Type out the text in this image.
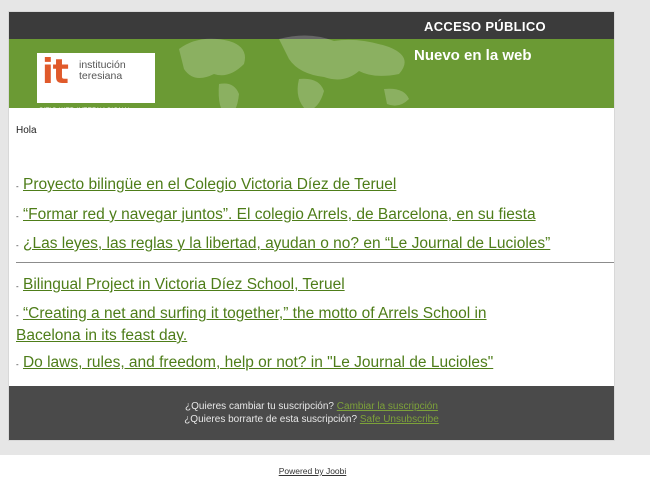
ACCESO PÚBLICO
Nuevo en la web
it institución
teresiana
SITIO WEB INTERNACIONAL
Hola
- Proyecto bilingüe en el Colegio Victoria Díez de Teruel
- “Formar red y navegar juntos”. El colegio Arrels, de Barcelona, en su fiesta
- ¿Las leyes, las reglas y la libertad, ayudan o no? en “Le Journal de Lucioles”
- Bilingual Project in Victoria Díez School, Teruel
- “Creating a net and surfing it together,” the motto of Arrels School in
Bacelona in its feast day.
- Do laws, rules, and freedom, help or not? in "Le Journal de Lucioles"
¿Quieres cambiar tu suscripción? Cambiar la suscripción
¿Quieres borrarte de esta suscripción? Safe Unsubscribe
Powered by Joobi
